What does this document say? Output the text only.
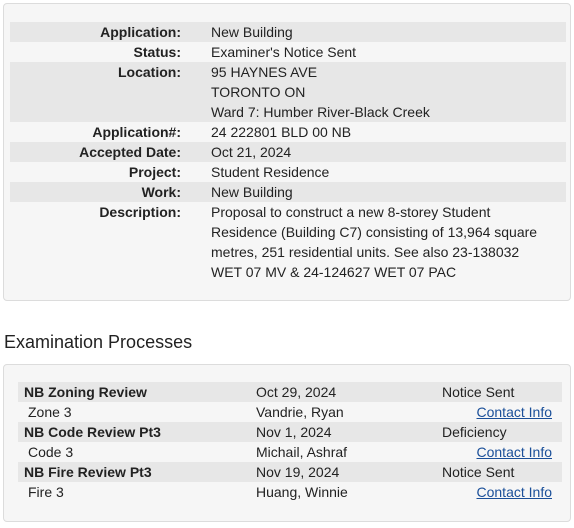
Application: New Building
Status: Examiner's Notice Sent
Location: 95 HAYNES AVE
TORONTO ON
Ward 7: Humber River-Black Creek
Application#: 24 222801 BLD 00 NB
Accepted Date: Oct 21, 2024
Project: Student Residence
Work: New Building
Description: Proposal to construct a new 8-storey Student
Residence (Building C7) consisting of 13,964 square
metres, 251 residential units. See also 23-138032
WET 07 MV & 24-124627 WET 07 PAC
Examination Processes
NB Zoning Review	Oct 29, 2024	Notice Sent
Zone 3	Vandrie, Ryan	Contact Info
NB Code Review Pt3	Nov 1, 2024	Deficiency
Code 3	Michail, Ashraf	Contact Info
NB Fire Review Pt3	Nov 19, 2024	Notice Sent
Fire 3	Huang, Winnie	Contact Info
